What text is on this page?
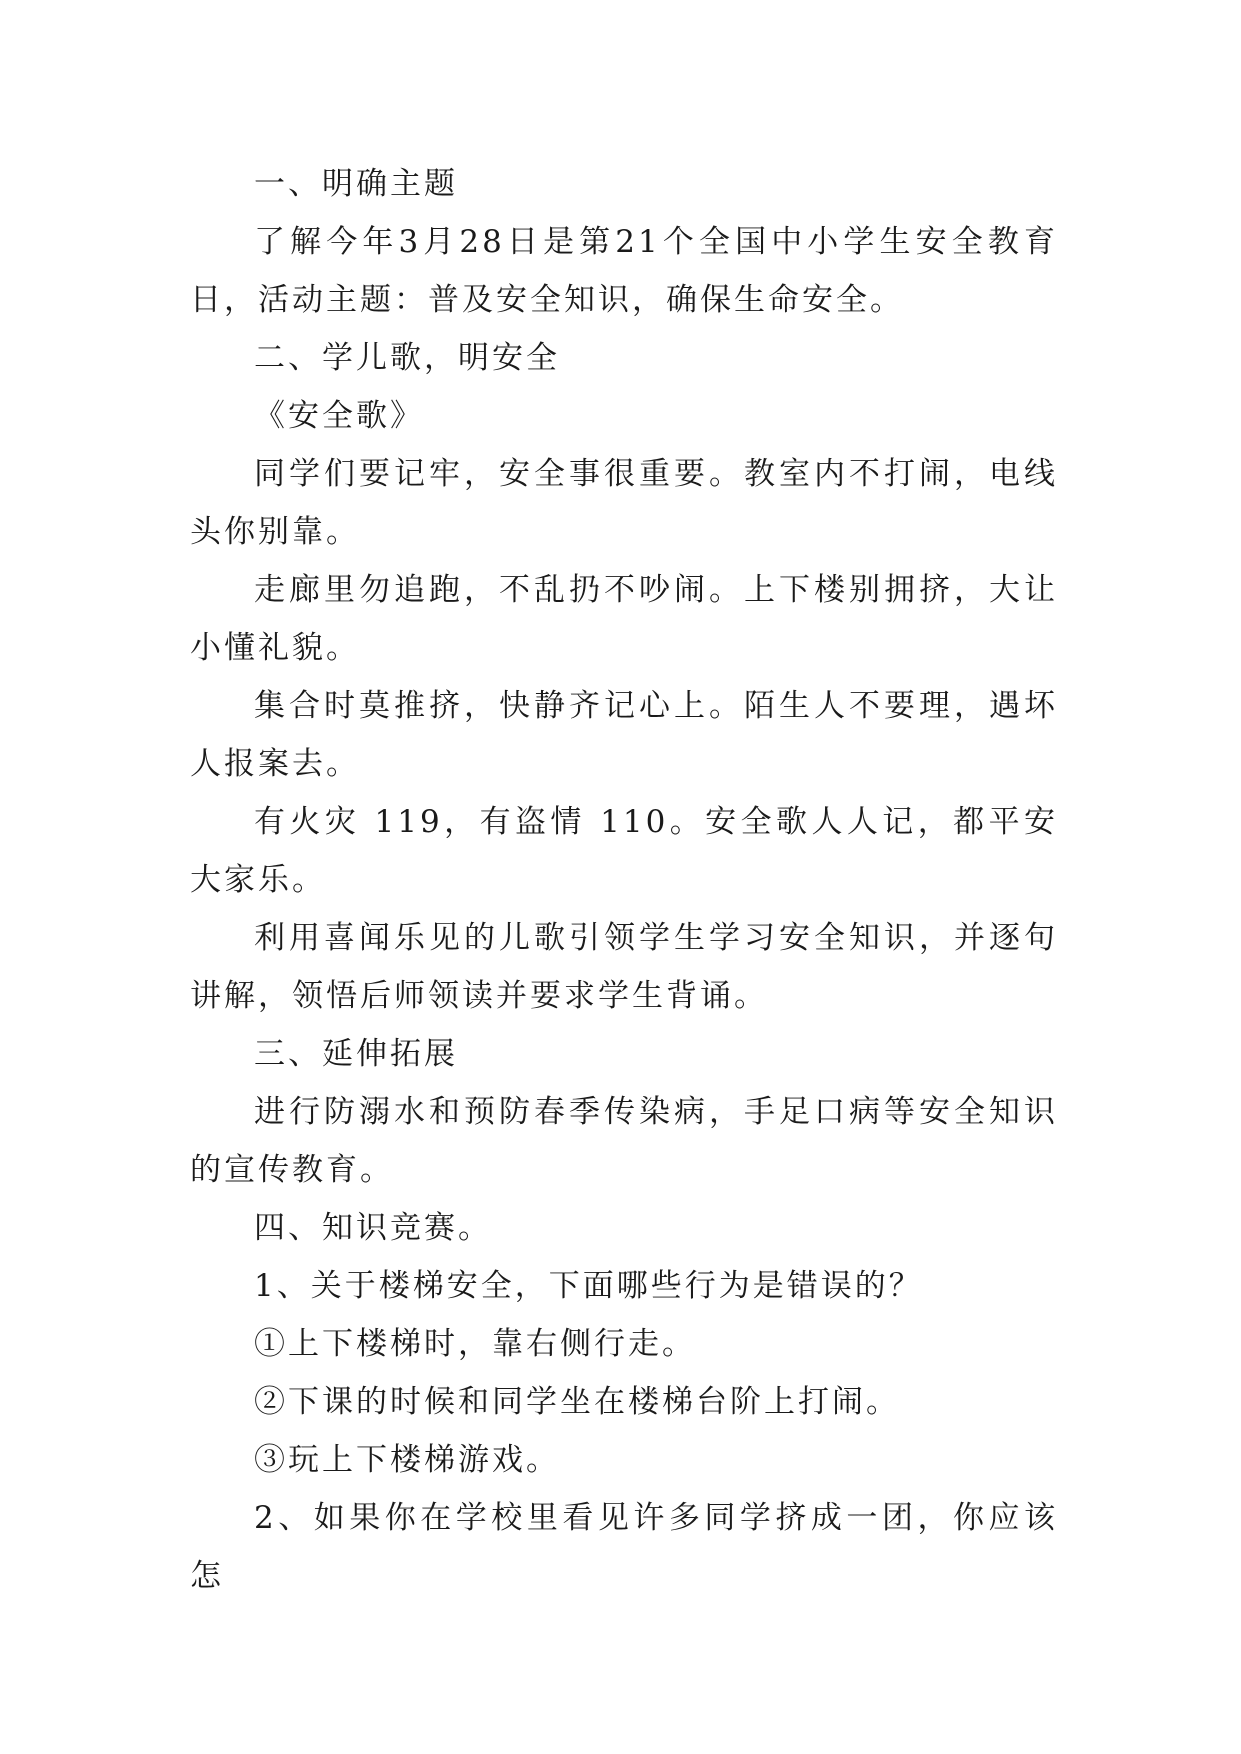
一、明确主题

了解今年3月28日是第21个全国中小学生安全教育日，活动主题：普及安全知识，确保生命安全。

二、学儿歌，明安全

《安全歌》

同学们要记牢，安全事很重要。教室内不打闹，电线头你别靠。

走廊里勿追跑，不乱扔不吵闹。上下楼别拥挤，大让小懂礼貌。

集合时莫推挤，快静齐记心上。陌生人不要理，遇坏人报案去。

有火灾 119，有盗情 110。安全歌人人记，都平安大家乐。

利用喜闻乐见的儿歌引领学生学习安全知识，并逐句讲解，领悟后师领读并要求学生背诵。

三、延伸拓展

进行防溺水和预防春季传染病，手足口病等安全知识的宣传教育。

四、知识竞赛。

1、关于楼梯安全，下面哪些行为是错误的？

①上下楼梯时，靠右侧行走。

②下课的时候和同学坐在楼梯台阶上打闹。

③玩上下楼梯游戏。

2、如果你在学校里看见许多同学挤成一团，你应该怎
